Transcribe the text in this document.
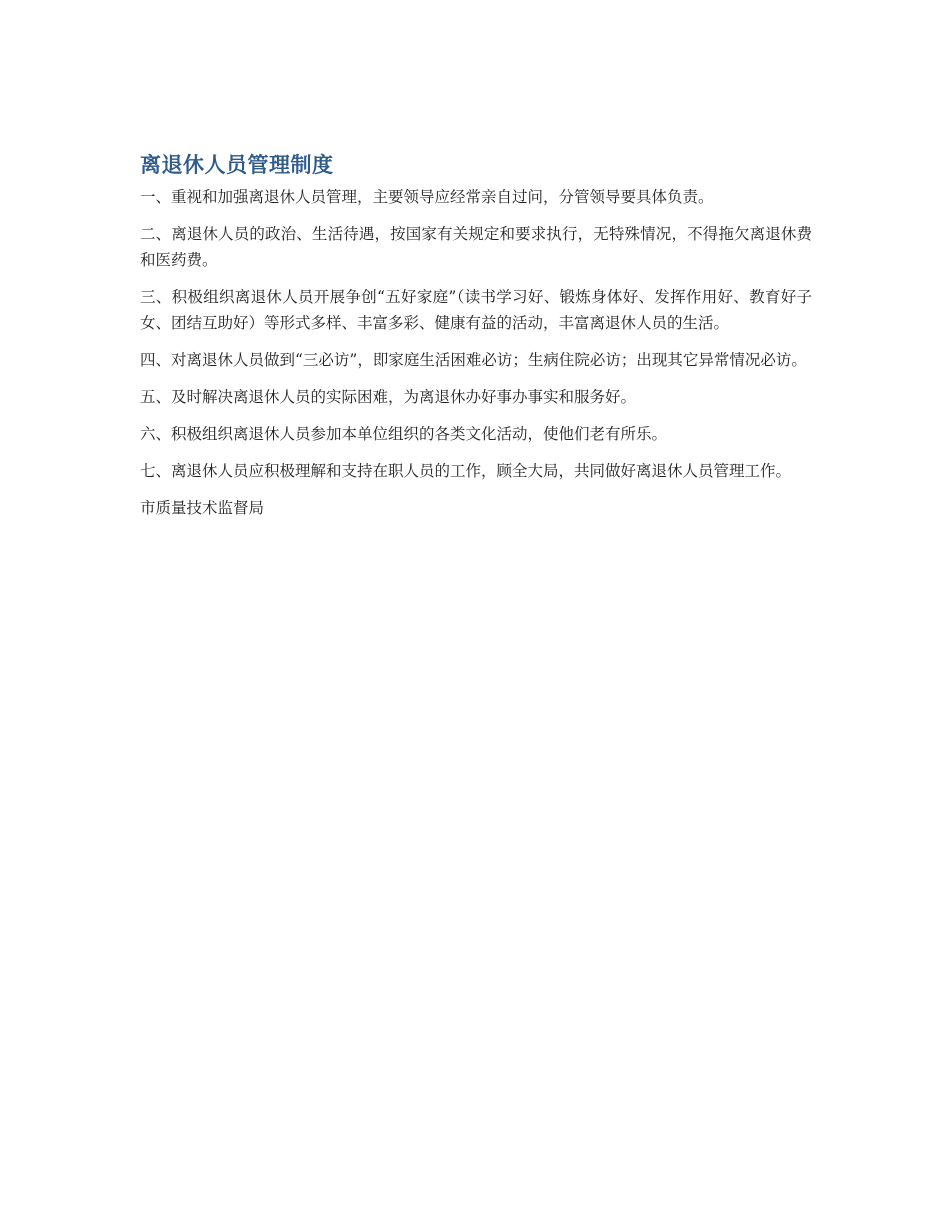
离退休人员管理制度

一、重视和加强离退休人员管理，主要领导应经常亲自过问，分管领导要具体负责。

二、离退休人员的政治、生活待遇，按国家有关规定和要求执行，无特殊情况，不得拖欠离退休费和医药费。

三、积极组织离退休人员开展争创“五好家庭”（读书学习好、锻炼身体好、发挥作用好、教育好子女、团结互助好）等形式多样、丰富多彩、健康有益的活动，丰富离退休人员的生活。

四、对离退休人员做到“三必访”，即家庭生活困难必访；生病住院必访；出现其它异常情况必访。

五、及时解决离退休人员的实际困难，为离退休办好事办事实和服务好。

六、积极组织离退休人员参加本单位组织的各类文化活动，使他们老有所乐。

七、离退休人员应积极理解和支持在职人员的工作，顾全大局，共同做好离退休人员管理工作。

市质量技术监督局
